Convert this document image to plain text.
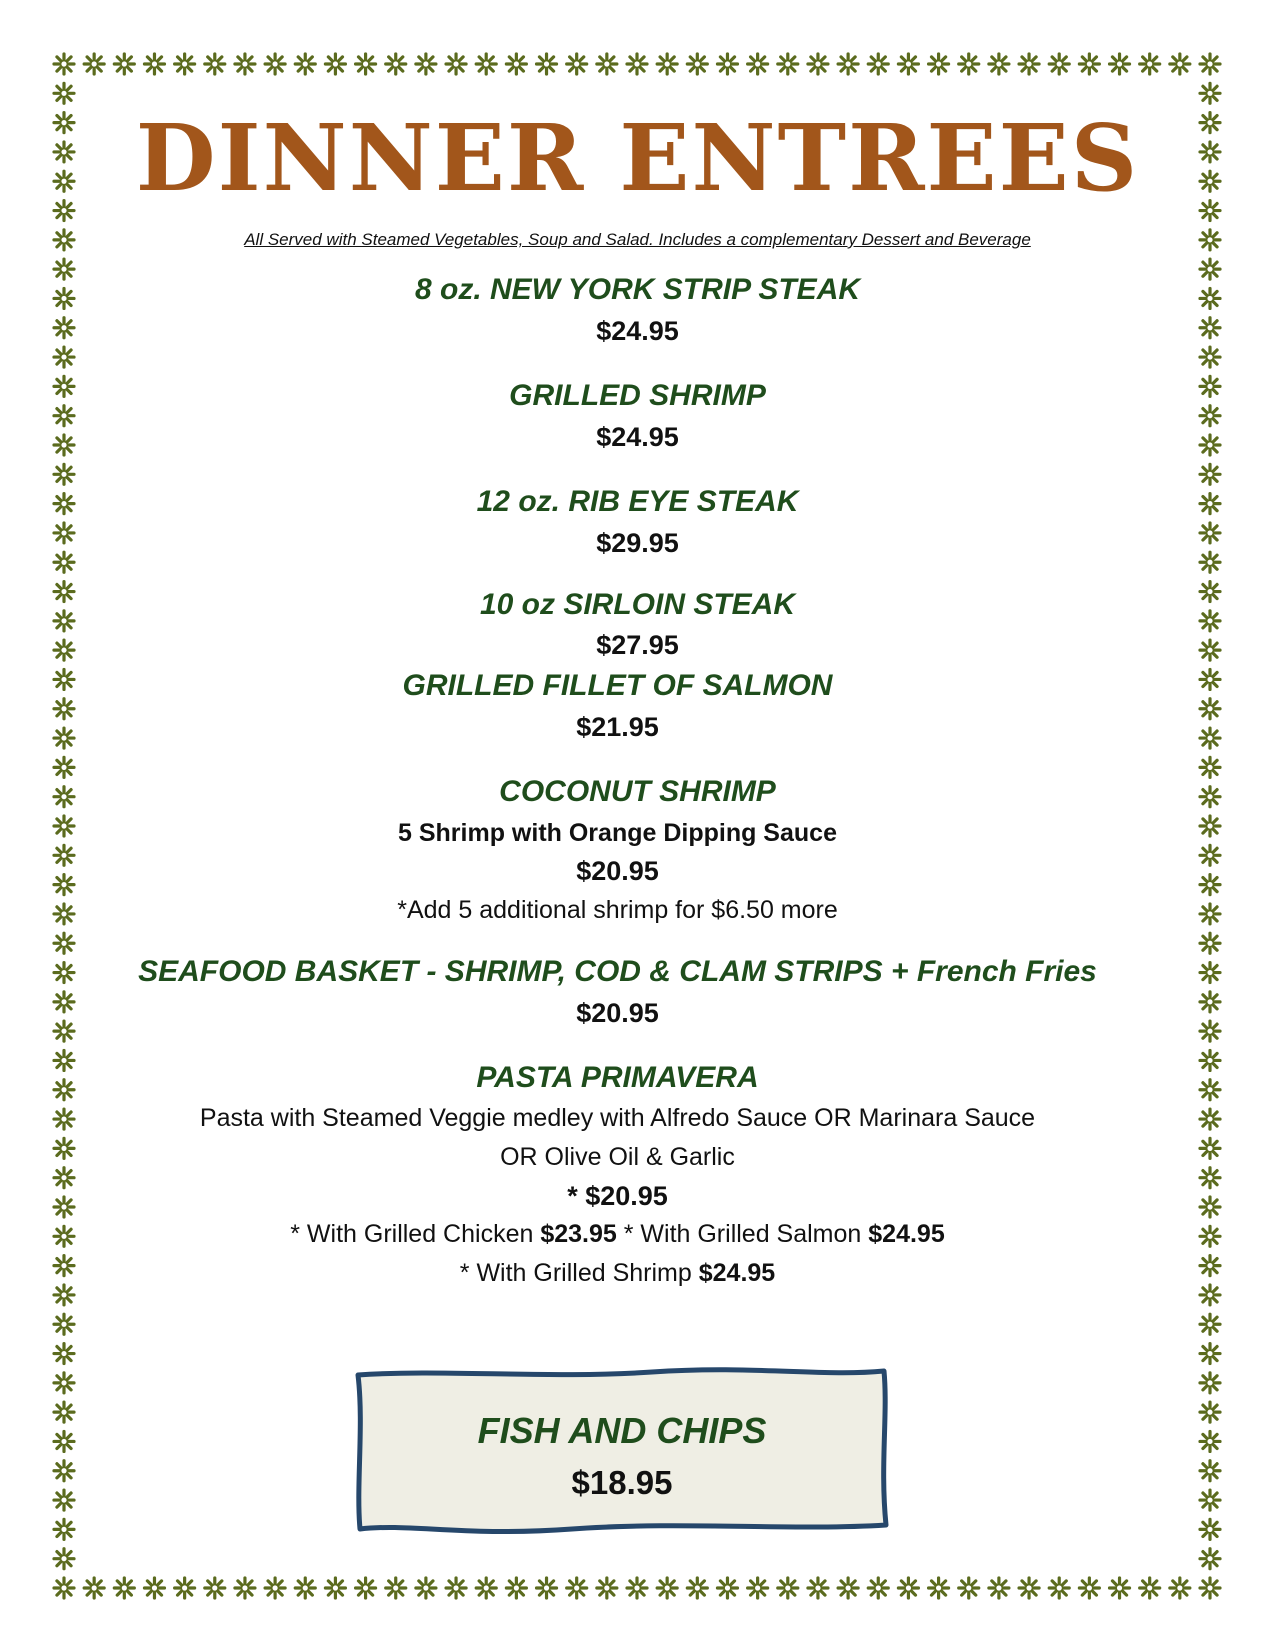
DINNER ENTREES
All Served with Steamed Vegetables, Soup and Salad. Includes a complementary Dessert and Beverage
8 oz. NEW YORK STRIP STEAK
$24.95
GRILLED SHRIMP
$24.95
12 oz. RIB EYE STEAK
$29.95
10 oz SIRLOIN STEAK
$27.95
GRILLED FILLET OF SALMON
$21.95
COCONUT SHRIMP
5 Shrimp with Orange Dipping Sauce
$20.95
*Add 5 additional shrimp for $6.50 more
SEAFOOD BASKET - SHRIMP, COD & CLAM STRIPS + French Fries
$20.95
PASTA PRIMAVERA
Pasta with Steamed Veggie medley with Alfredo Sauce OR Marinara Sauce
OR Olive Oil & Garlic
* $20.95
* With Grilled Chicken $23.95 * With Grilled Salmon $24.95
* With Grilled Shrimp $24.95
FISH AND CHIPS
$18.95
